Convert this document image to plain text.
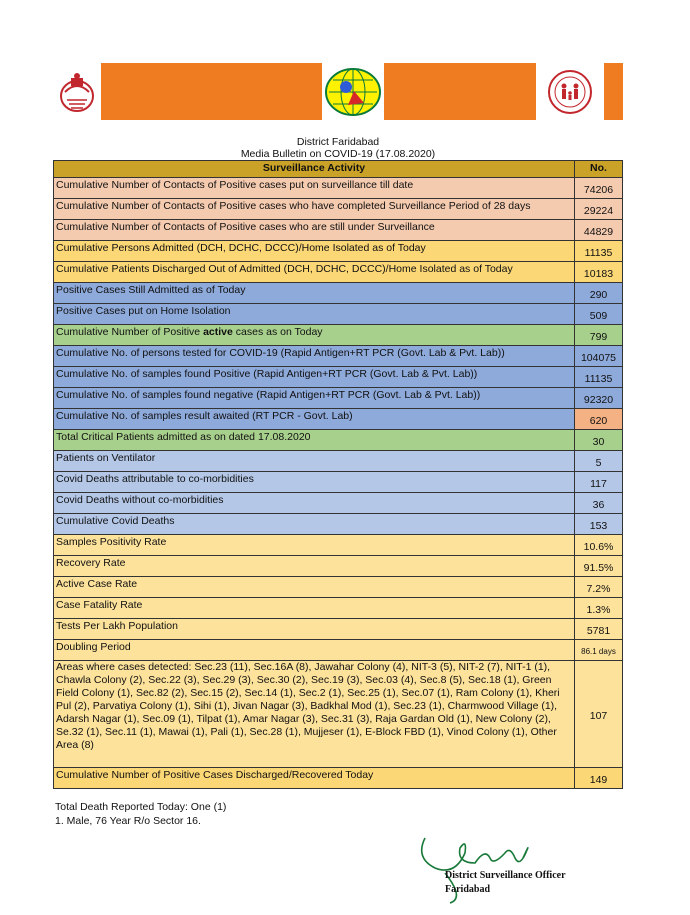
District Faridabad
Media Bulletin on COVID-19 (17.08.2020)
Surveillance Activity	No.
Cumulative Number of Contacts of Positive cases put on surveillance till date	74206
Cumulative Number of Contacts of Positive cases who have completed Surveillance Period of 28 days	29224
Cumulative Number of Contacts of Positive cases who are still under Surveillance	44829
Cumulative Persons Admitted (DCH, DCHC, DCCC)/Home Isolated as of Today	11135
Cumulative Patients Discharged Out of Admitted (DCH, DCHC, DCCC)/Home Isolated as of Today	10183
Positive Cases Still Admitted as of Today	290
Positive Cases put on Home Isolation	509
Cumulative Number of Positive active cases as on Today	799
Cumulative No. of persons tested for COVID-19 (Rapid Antigen+RT PCR (Govt. Lab & Pvt. Lab))	104075
Cumulative No. of samples found Positive (Rapid Antigen+RT PCR (Govt. Lab & Pvt. Lab))	11135
Cumulative No. of samples found negative (Rapid Antigen+RT PCR (Govt. Lab & Pvt. Lab))	92320
Cumulative No. of samples result awaited (RT PCR - Govt. Lab)	620
Total Critical Patients admitted as on dated 17.08.2020	30
Patients on Ventilator	5
Covid Deaths attributable to co-morbidities	117
Covid Deaths without co-morbidities	36
Cumulative Covid Deaths	153
Samples Positivity Rate	10.6%
Recovery Rate	91.5%
Active Case Rate	7.2%
Case Fatality Rate	1.3%
Tests Per Lakh Population	5781
Doubling Period	86.1 days
Areas where cases detected: Sec.23 (11), Sec.16A (8), Jawahar Colony (4), NIT-3 (5), NIT-2 (7), NIT-1 (1), Chawla Colony (2), Sec.22 (3), Sec.29 (3), Sec.30 (2), Sec.19 (3), Sec.03 (4), Sec.8 (5), Sec.18 (1), Green Field Colony (1), Sec.82 (2), Sec.15 (2), Sec.14 (1), Sec.2 (1), Sec.25 (1), Sec.07 (1), Ram Colony (1), Kheri Pul (2), Parvatiya Colony (1), Sihi (1), Jivan Nagar (3), Badkhal Mod (1), Sec.23 (1), Charmwood Village (1), Adarsh Nagar (1), Sec.09 (1), Tilpat (1), Amar Nagar (3), Sec.31 (3), Raja Gardan Old (1), New Colony (2), Se.32 (1), Sec.11 (1), Mawai (1), Pali (1), Sec.28 (1), Mujjeser (1), E-Block FBD (1), Vinod Colony (1), Other Area (8)	107
Cumulative Number of Positive Cases Discharged/Recovered Today	149
Total Death Reported Today: One (1)
1. Male, 76 Year R/o Sector 16.
District Surveillance Officer
Faridabad
